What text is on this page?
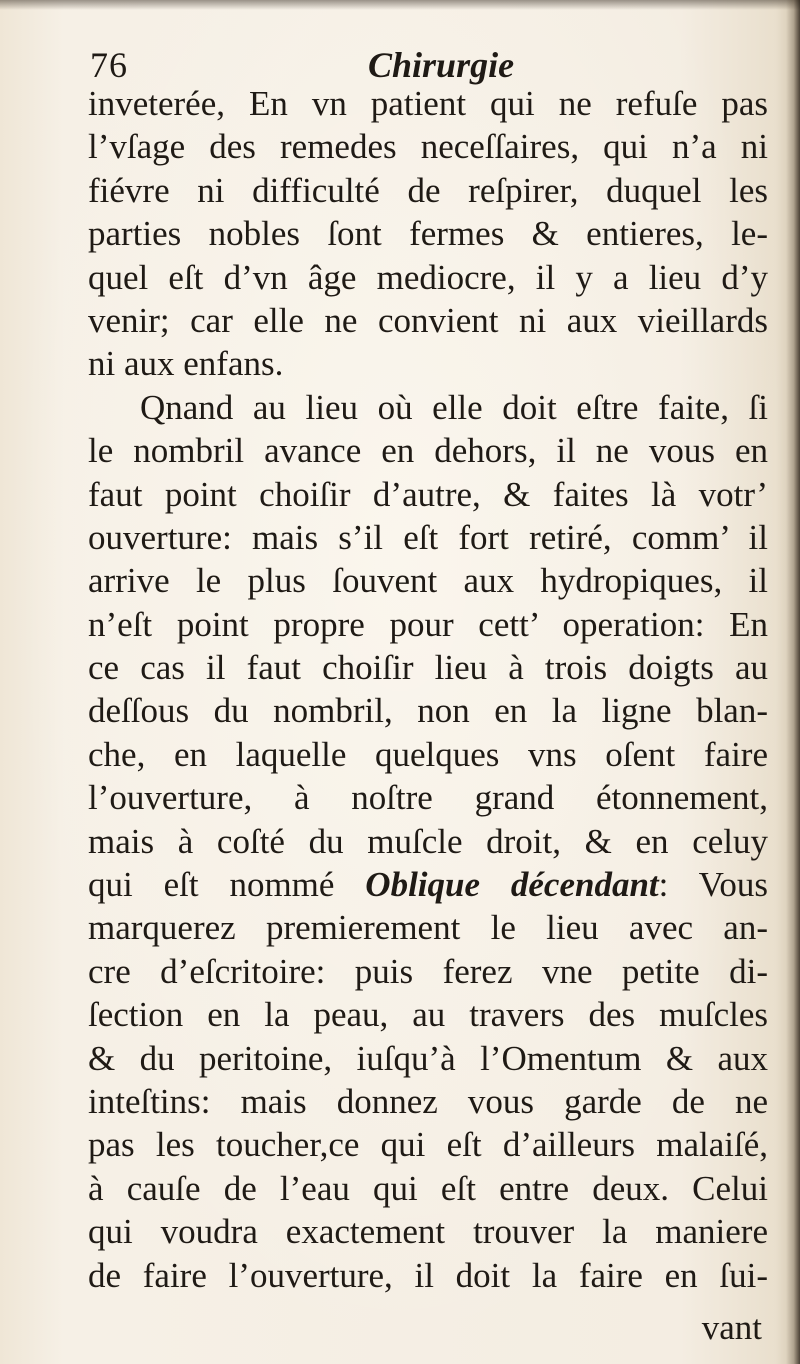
76	Chirurgie
inveterée, En vn patient qui ne refuſe pas
l’vſage des remedes neceſſaires, qui n’a ni
fiévre ni difficulté de reſpirer, duquel les
parties nobles ſont fermes & entieres, le-
quel eſt d’vn âge mediocre, il y a lieu d’y
venir; car elle ne convient ni aux vieillards
ni aux enfans.
Qnand au lieu où elle doit eſtre faite, ſi
le nombril avance en dehors, il ne vous en
faut point choiſir d’autre, & faites là votr’
ouverture: mais s’il eſt fort retiré, comm’ il
arrive le plus ſouvent aux hydropiques, il
n’eſt point propre pour cett’ operation: En
ce cas il faut choiſir lieu à trois doigts au
deſſous du nombril, non en la ligne blan-
che, en laquelle quelques vns oſent faire
l’ouverture, à noſtre grand étonnement,
mais à coſté du muſcle droit, & en celuy
qui eſt nommé Oblique décendant: Vous
marquerez premierement le lieu avec an-
cre d’eſcritoire: puis ferez vne petite di-
ſection en la peau, au travers des muſcles
& du peritoine, iuſqu’à l’Omentum & aux
inteſtins: mais donnez vous garde de ne
pas les toucher,ce qui eſt d’ailleurs malaiſé,
à cauſe de l’eau qui eſt entre deux. Celui
qui voudra exactement trouver la maniere
de faire l’ouverture, il doit la faire en ſui-
vant
